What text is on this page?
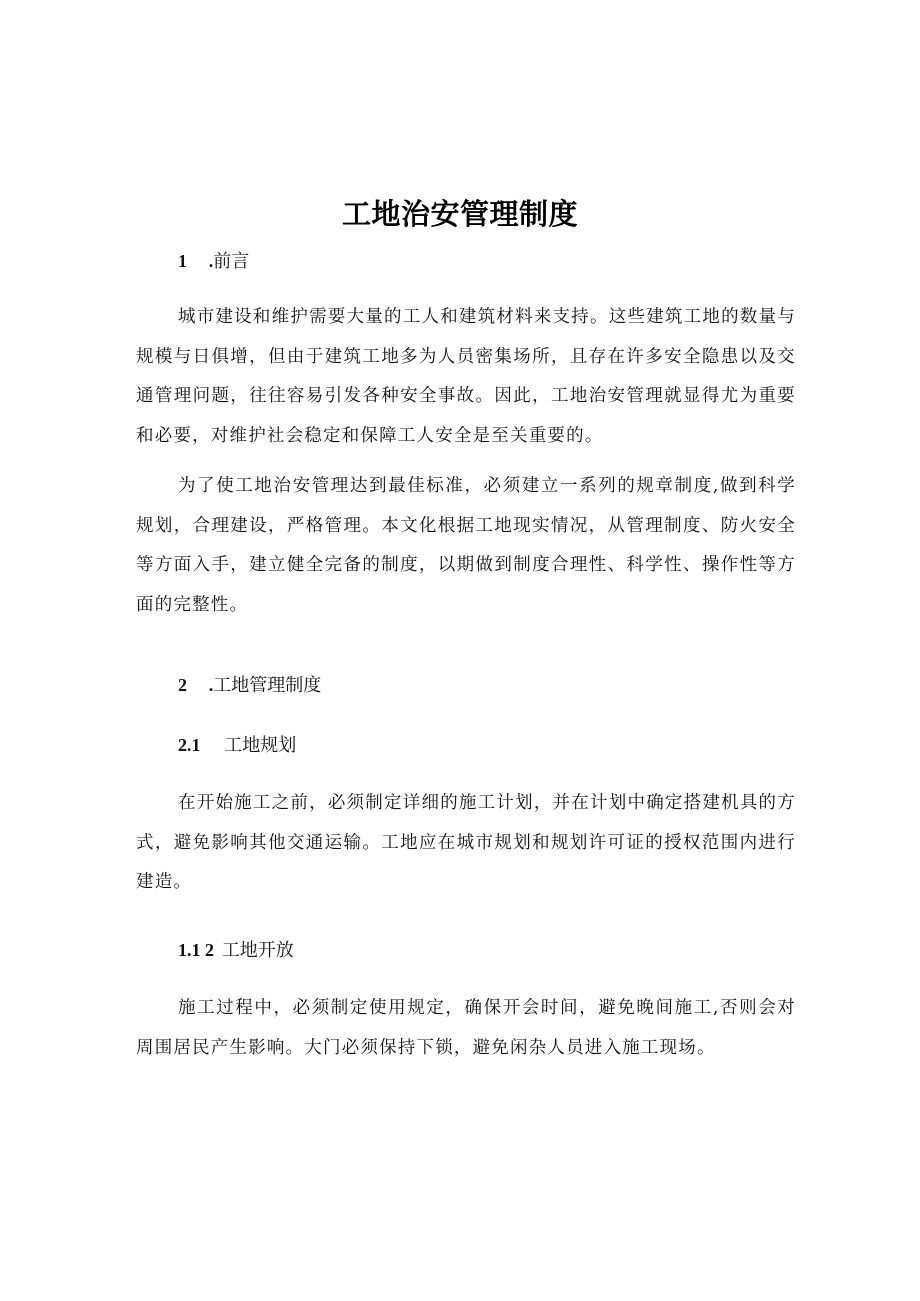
工地治安管理制度
1 .前言

城市建设和维护需要大量的工人和建筑材料来支持。这些建筑工地的数量与规模与日俱增，但由于建筑工地多为人员密集场所，且存在许多安全隐患以及交通管理问题，往往容易引发各种安全事故。因此，工地治安管理就显得尤为重要和必要，对维护社会稳定和保障工人安全是至关重要的。

为了使工地治安管理达到最佳标准，必须建立一系列的规章制度,做到科学规划，合理建设，严格管理。本文化根据工地现实情况，从管理制度、防火安全等方面入手，建立健全完备的制度，以期做到制度合理性、科学性、操作性等方面的完整性。

2 .工地管理制度
2.1 工地规划

在开始施工之前，必须制定详细的施工计划，并在计划中确定搭建机具的方式，避免影响其他交通运输。工地应在城市规划和规划许可证的授权范围内进行建造。

1.1 2 工地开放

施工过程中，必须制定使用规定，确保开会时间，避免晚间施工,否则会对周围居民产生影响。大门必须保持下锁，避免闲杂人员进入施工现场。
